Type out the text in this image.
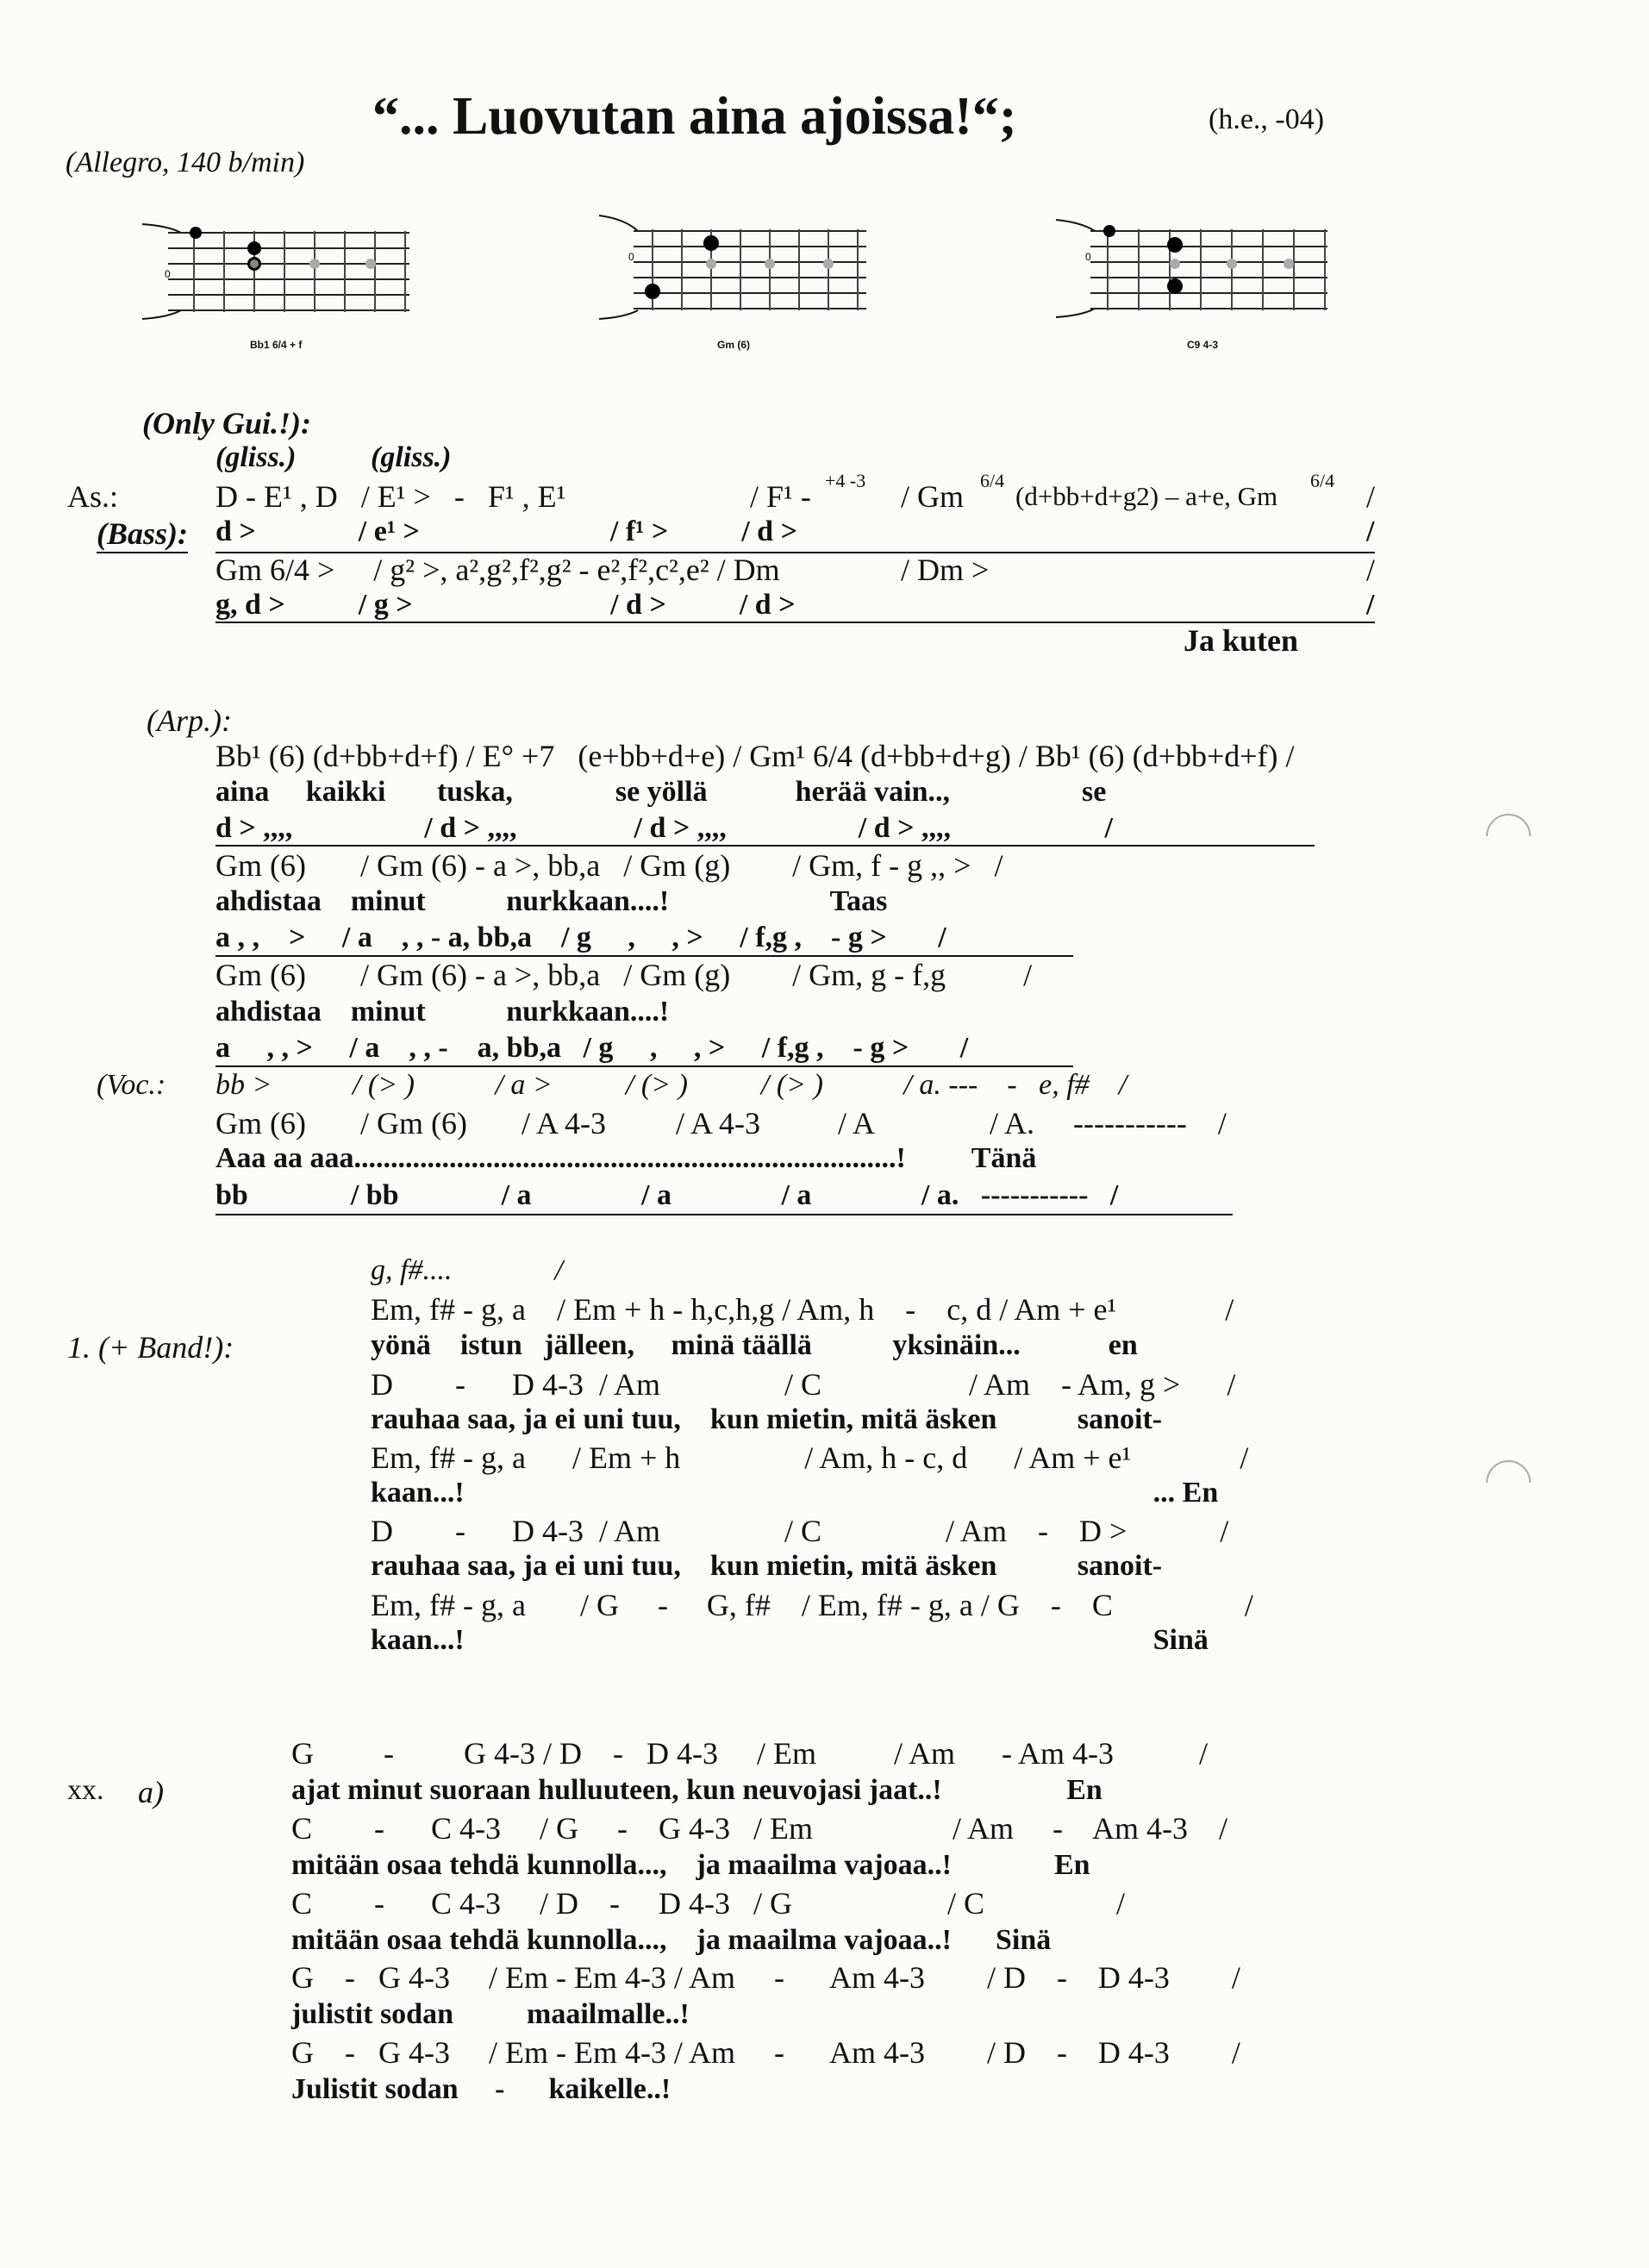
“... Luovutan aina ajoissa!“;	(h.e., -04)
(Allegro, 140 b/min)
0
Bb1 6/4 + f
0
Gm (6)
0
C9 4-3
(Only Gui.!):
(gliss.)	(gliss.)
As.:	D - E¹ , D   / E¹ >   -   F¹ , E¹	/ F¹ - +4 -3 / Gm 6/4
(d+bb+d+g2) – a+e, Gm
6/4 /
(Bass): d >              / e¹ >                          / f¹ >          / d >	/
Gm 6/4 >     / g² >, a²,g²,f²,g² - e²,f²,c²,e² / Dm	/ Dm >	/
g, d >          / g >                           / d >          / d >	/
Ja kuten
(Arp.):
Bb¹ (6) (d+bb+d+f) / E° +7   (e+bb+d+e) / Gm¹ 6/4 (d+bb+d+g) / Bb¹ (6) (d+bb+d+f) /
aina     kaikki       tuska,              se yöllä            herää vain..,                  se
d > ,,,,                  / d > ,,,,                / d > ,,,,                  / d > ,,,,                     /
Gm (6)       / Gm (6) - a >, bb,a   / Gm (g)        / Gm, f - g ,, >   /
ahdistaa    minut           nurkkaan....!                      Taas
a , ,    >     / a    , , - a, bb,a    / g     ,     , >     / f,g ,    - g >       /
Gm (6)       / Gm (6) - a >, bb,a   / Gm (g)        / Gm, g - f,g          /
ahdistaa    minut           nurkkaan....!
a     , , >     / a    , , -    a, bb,a   / g     ,     , >     / f,g ,    - g >       /
(Voc.: bb >           / (> )           / a >          / (> )          / (> )           / a. ---    -   e, f#    /
Gm (6)       / Gm (6)       / A 4-3         / A 4-3          / A               / A.     -----------    /
Aaa aa aaa..........................................................................!         Tänä
bb              / bb              / a               / a               / a               / a.   -----------   /
g, f#....              /
1. (+ Band!):
Em, f# - g, a    / Em + h - h,c,h,g / Am, h    -    c, d / Am + e¹              /
yönä    istun   jälleen,     minä täällä           yksinäin...            en
D        -      D 4-3  / Am                / C                   / Am    - Am, g >      /
rauhaa saa, ja ei uni tuu,    kun mietin, mitä äsken           sanoit-
Em, f# - g, a      / Em + h                / Am, h - c, d      / Am + e¹              /
kaan...!                                                                                              ... En
D        -      D 4-3  / Am                / C                / Am    -    D >            /
rauhaa saa, ja ei uni tuu,    kun mietin, mitä äsken           sanoit-
Em, f# - g, a       / G     -     G, f#    / Em, f# - g, a / G    -    C                 /
kaan...!                                                                                              Sinä
xx. a)
G         -         G 4-3 / D    -   D 4-3     / Em          / Am      - Am 4-3           /
ajat minut suoraan hulluuteen, kun neuvojasi jaat..!                 En
C        -      C 4-3     / G     -    G 4-3   / Em                  / Am     -    Am 4-3    /
mitään osaa tehdä kunnolla...,    ja maailma vajoaa..!              En
C        -      C 4-3     / D    -     D 4-3   / G                    / C                 /
mitään osaa tehdä kunnolla...,    ja maailma vajoaa..!      Sinä
G    -   G 4-3     / Em - Em 4-3 / Am     -      Am 4-3        / D    -    D 4-3        /
julistit sodan          maailmalle..!
G    -   G 4-3     / Em - Em 4-3 / Am     -      Am 4-3        / D    -    D 4-3        /
Julistit sodan     -      kaikelle..!
